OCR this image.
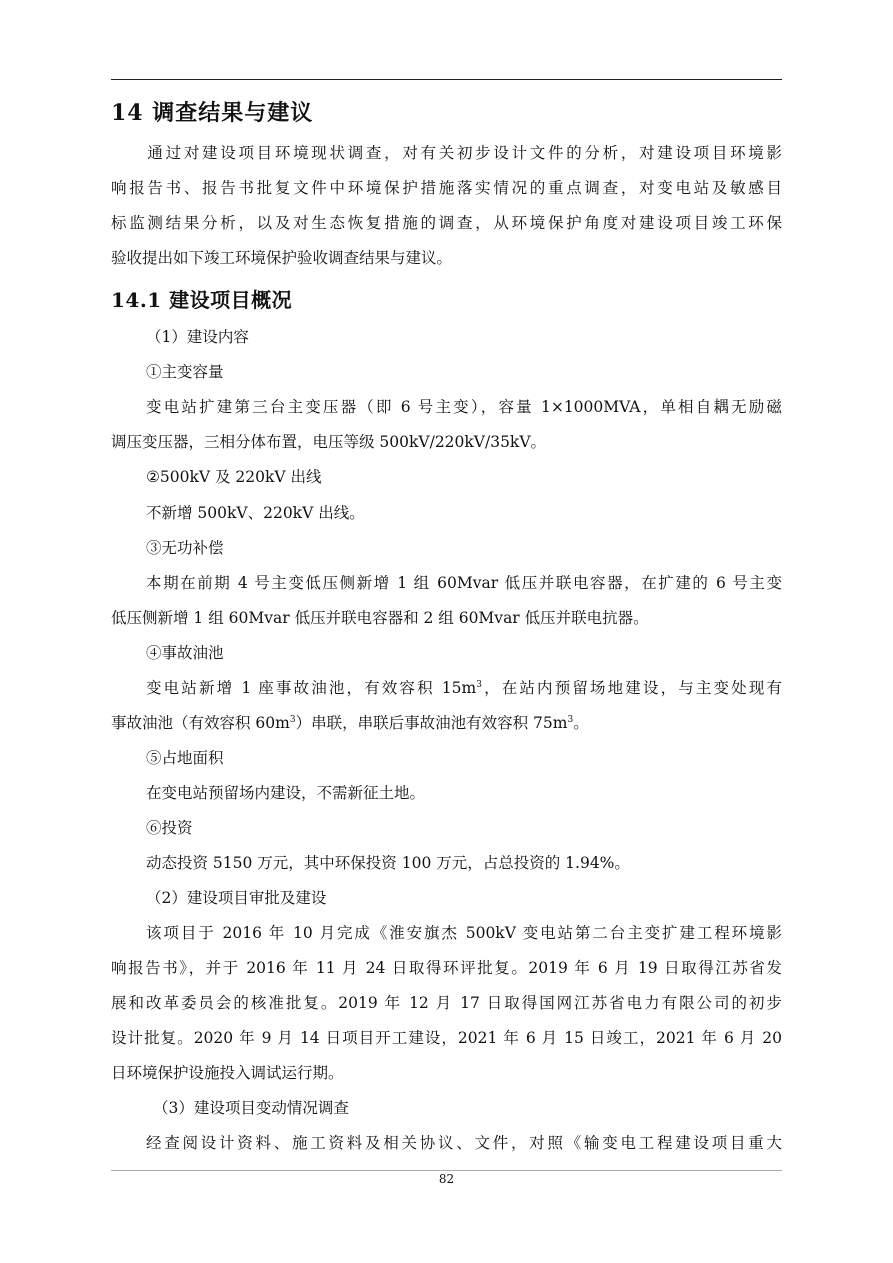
14 调查结果与建议
　　通过对建设项目环境现状调查，对有关初步设计文件的分析，对建设项目环境影
响报告书、报告书批复文件中环境保护措施落实情况的重点调查，对变电站及敏感目
标监测结果分析，以及对生态恢复措施的调查，从环境保护角度对建设项目竣工环保
验收提出如下竣工环境保护验收调查结果与建议。
14.1 建设项目概况
（1）建设内容
①主变容量
变电站扩建第三台主变压器（即 6 号主变），容量 1×1000MVA，单相自耦无励磁
调压变压器，三相分体布置，电压等级 500kV/220kV/35kV。
②500kV 及 220kV 出线
不新增 500kV、220kV 出线。
③无功补偿
本期在前期 4 号主变低压侧新增 1 组 60Mvar 低压并联电容器，在扩建的 6 号主变
低压侧新增 1 组 60Mvar 低压并联电容器和 2 组 60Mvar 低压并联电抗器。
④事故油池
变电站新增 1 座事故油池，有效容积 $15m^3$，在站内预留场地建设，与主变处现有
事故油池（有效容积 $60m^3$）串联，串联后事故油池有效容积 $75m^3$。
⑤占地面积
在变电站预留场内建设，不需新征土地。
⑥投资
动态投资 5150 万元，其中环保投资 100 万元，占总投资的 1.94%。
（2）建设项目审批及建设
该项目于 2016 年 10 月完成《淮安旗杰 500kV 变电站第二台主变扩建工程环境影
响报告书》，并于 2016 年 11 月 24 日取得环评批复。2019 年 6 月 19 日取得江苏省发
展和改革委员会的核准批复。2019 年 12 月 17 日取得国网江苏省电力有限公司的初步
设计批复。2020 年 9 月 14 日项目开工建设，2021 年 6 月 15 日竣工，2021 年 6 月 20
日环境保护设施投入调试运行期。
（3）建设项目变动情况调查
经查阅设计资料、施工资料及相关协议、文件，对照《输变电工程建设项目重大
82
